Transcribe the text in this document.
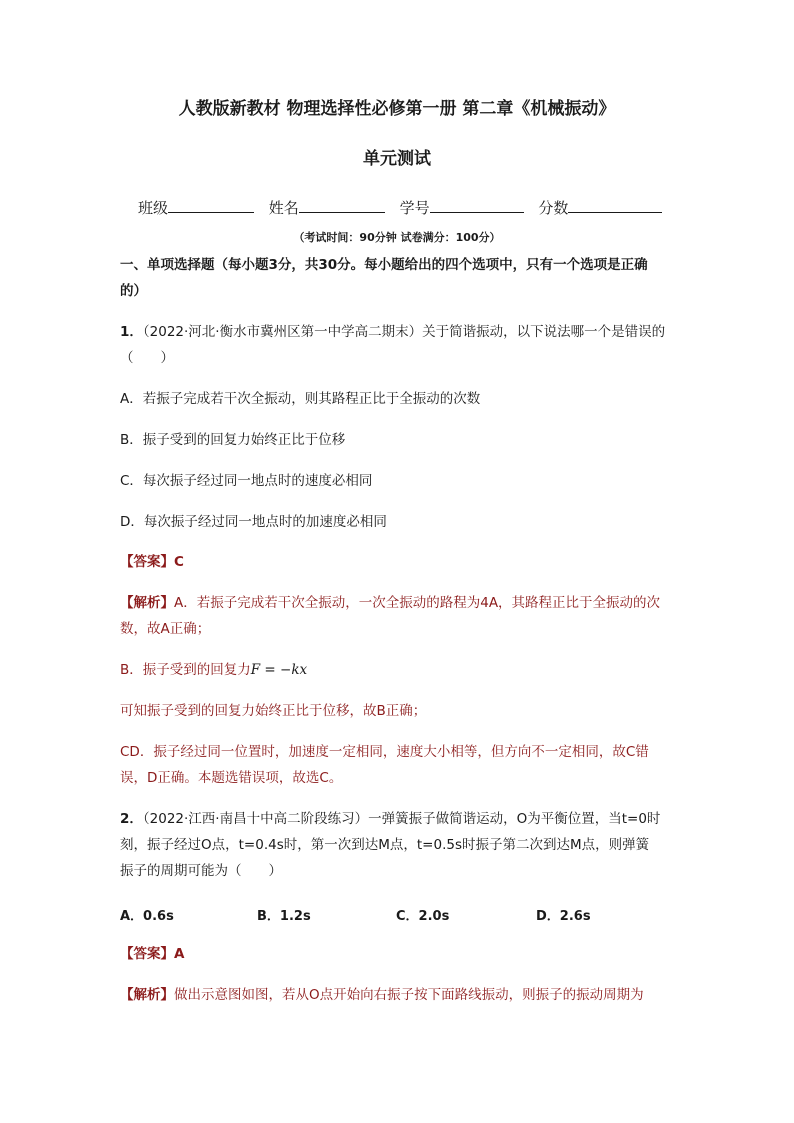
人教版新教材 物理选择性必修第一册 第二章《机械振动》
单元测试
班级	姓名	学号	分数
（考试时间：90分钟 试卷满分：100分）
一、单项选择题（每小题3分，共30分。每小题给出的四个选项中，只有一个选项是正确
的）
1．（2022·河北·衡水市冀州区第一中学高二期末）关于简谐振动，以下说法哪一个是错误的
（　　）
A．若振子完成若干次全振动，则其路程正比于全振动的次数
B．振子受到的回复力始终正比于位移
C．每次振子经过同一地点时的速度必相同
D．每次振子经过同一地点时的加速度必相同
【答案】C
【解析】A．若振子完成若干次全振动，一次全振动的路程为4A，其路程正比于全振动的次
数，故A正确；
B．振子受到的回复力F = −kx
可知振子受到的回复力始终正比于位移，故B正确；
CD．振子经过同一位置时，加速度一定相同，速度大小相等，但方向不一定相同，故C错
误，D正确。本题选错误项，故选C。
2．（2022·江西·南昌十中高二阶段练习）一弹簧振子做简谐运动，O为平衡位置，当t=0时
刻，振子经过O点，t=0.4s时，第一次到达M点，t=0.5s时振子第二次到达M点，则弹簧
振子的周期可能为（　　）
A．0.6s	B．1.2s	C．2.0s	D．2.6s
【答案】A
【解析】做出示意图如图，若从O点开始向右振子按下面路线振动，则振子的振动周期为
